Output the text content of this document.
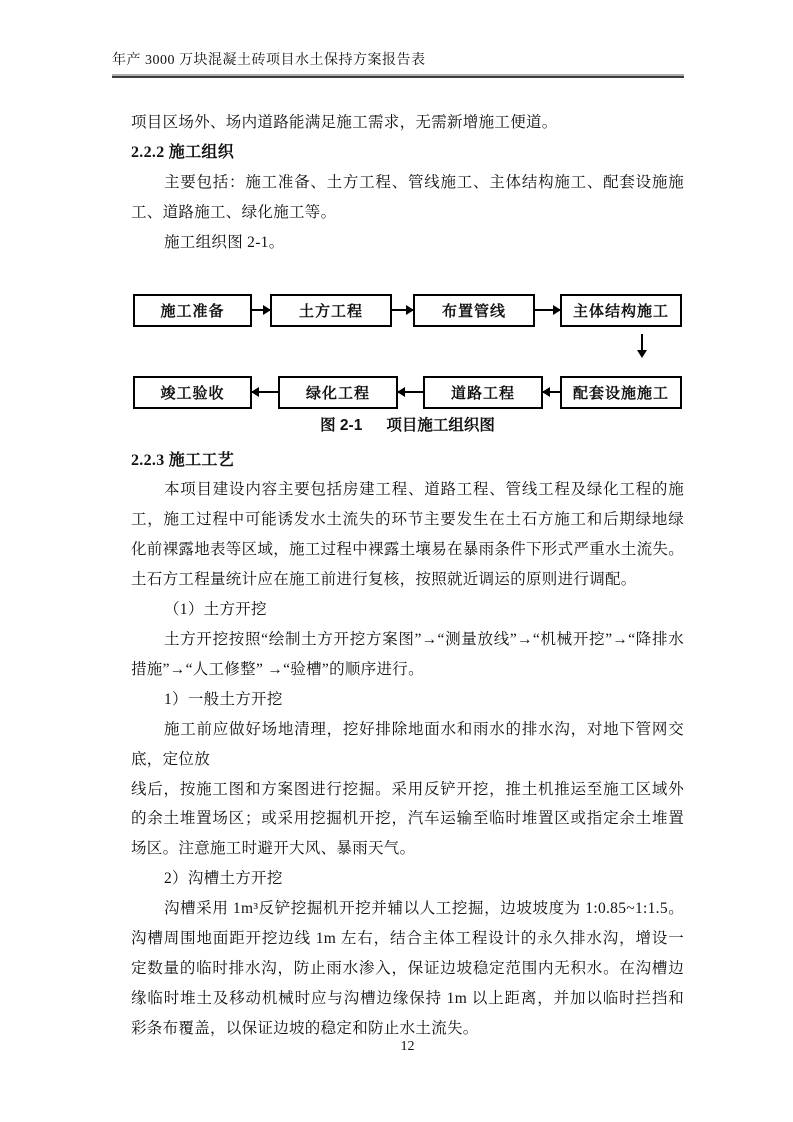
年产 3000 万块混凝土砖项目水土保持方案报告表
项目区场外、场内道路能满足施工需求，无需新增施工便道。
2.2.2 施工组织
主要包括：施工准备、土方工程、管线施工、主体结构施工、配套设施施
工、道路施工、绿化施工等。
施工组织图 2-1。
施工准备	土方工程	布置管线	主体结构施工
竣工验收	绿化工程	道路工程	配套设施施工
图 2-1 项目施工组织图
2.2.3 施工工艺
本项目建设内容主要包括房建工程、道路工程、管线工程及绿化工程的施
工，施工过程中可能诱发水土流失的环节主要发生在土石方施工和后期绿地绿
化前裸露地表等区域，施工过程中裸露土壤易在暴雨条件下形式严重水土流失。
土石方工程量统计应在施工前进行复核，按照就近调运的原则进行调配。
（1）土方开挖
土方开挖按照“绘制土方开挖方案图”→“测量放线”→“机械开挖”→“降排水
措施”→“人工修整” →“验槽”的顺序进行。
1）一般土方开挖
施工前应做好场地清理，挖好排除地面水和雨水的排水沟，对地下管网交
底，定位放
线后，按施工图和方案图进行挖掘。采用反铲开挖，推土机推运至施工区域外
的余土堆置场区；或采用挖掘机开挖，汽车运输至临时堆置区或指定余土堆置
场区。注意施工时避开大风、暴雨天气。
2）沟槽土方开挖
沟槽采用 1m³反铲挖掘机开挖并辅以人工挖掘，边坡坡度为 1:0.85~1:1.5。
沟槽周围地面距开挖边线 1m 左右，结合主体工程设计的永久排水沟，增设一
定数量的临时排水沟，防止雨水渗入，保证边坡稳定范围内无积水。在沟槽边
缘临时堆土及移动机械时应与沟槽边缘保持 1m 以上距离，并加以临时拦挡和
彩条布覆盖，以保证边坡的稳定和防止水土流失。
12
